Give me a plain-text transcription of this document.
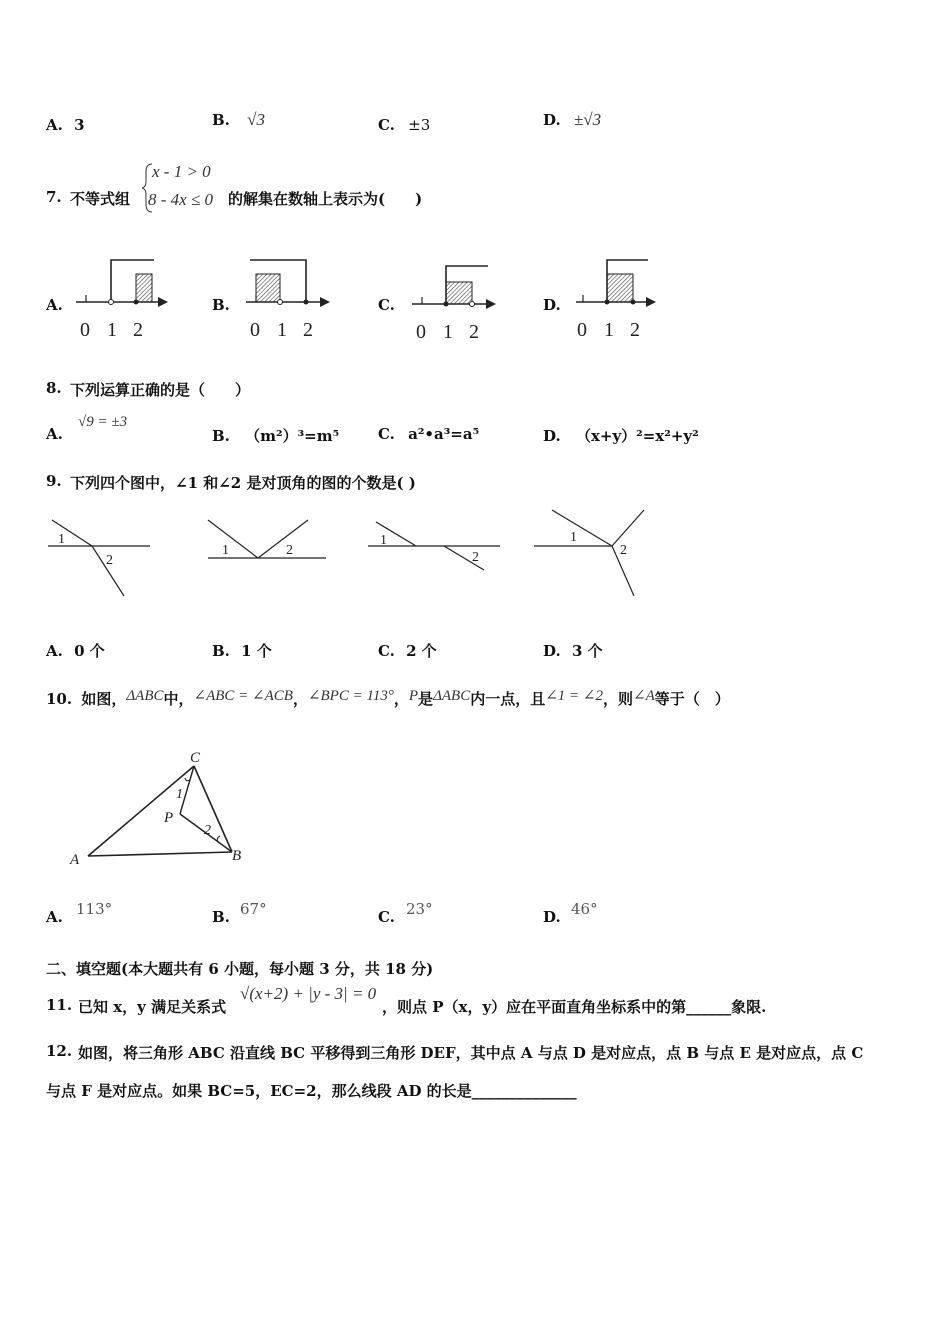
A. 3	B. √3	C. ±3	D. ±√3
7. 不等式组
x - 1 > 0
8 - 4x ≤ 0 的解集在数轴上表示为(　　)
A.	B.	C.	D.
0 1 2	0 1 2	0 1 2	0 1 2
8. 下列运算正确的是（　　）
A.
√9 = ±3
B. （m²）³=m⁵	C. a²•a³=a⁵	D. （x+y）²=x²+y²
9. 下列四个图中，∠1 和∠2 是对顶角的图的个数是( )
1
2
1	2
1
2
1
2
A. 0 个	B. 1 个	C. 2 个	D. 3 个
10. 如图，ΔABC中，∠ABC = ∠ACB，∠BPC = 113°，P是ΔABC内一点，且∠1 = ∠2，则∠A等于（　）
C
P
1
2
A	B
A. 113°	B. 67°	C. 23°	D. 46°
二、填空题(本大题共有 6 小题，每小题 3 分，共 18 分)
11. 已知 x，y 满足关系式
√(x+2) + |y - 3| = 0
，则点 P（x，y）应在平面直角坐标系中的第______象限.
12. 如图，将三角形 ABC 沿直线 BC 平移得到三角形 DEF，其中点 A 与点 D 是对应点，点 B 与点 E 是对应点，点 C
与点 F 是对应点。如果 BC=5，EC=2，那么线段 AD 的长是______________
